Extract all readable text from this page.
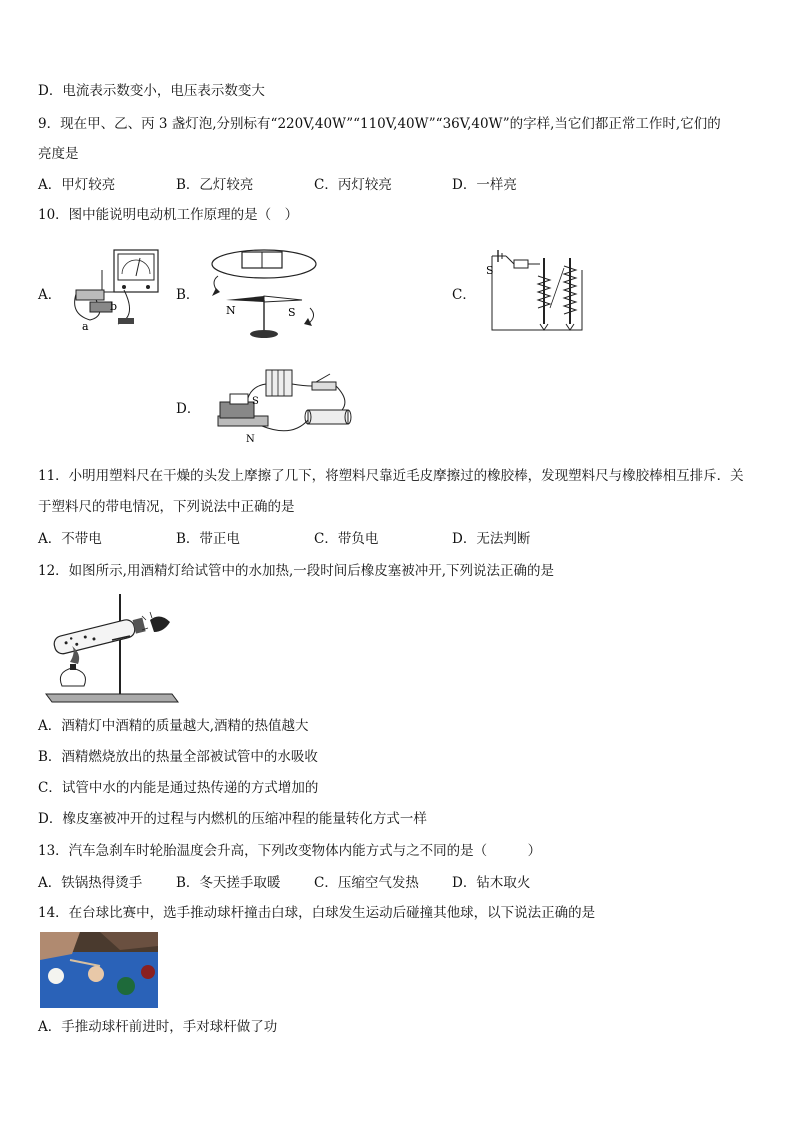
D．电流表示数变小，电压表示数变大
9．现在甲、乙、丙 3 盏灯泡,分别标有“220V,40W”“110V,40W”“36V,40W”的字样,当它们都正常工作时,它们的
亮度是
A．甲灯较亮	B．乙灯较亮	C．丙灯较亮	D．一样亮
10．图中能说明电动机工作原理的是（　）
A．	B．	C．
D．
b
a
N	S
S
S
N
11．小明用塑料尺在干燥的头发上摩擦了几下，将塑料尺靠近毛皮摩擦过的橡胶棒，发现塑料尺与橡胶棒相互排斥．关
于塑料尺的带电情况，下列说法中正确的是
A．不带电	B．带正电	C．带负电	D．无法判断
12．如图所示,用酒精灯给试管中的水加热,一段时间后橡皮塞被冲开,下列说法正确的是
A．酒精灯中酒精的质量越大,酒精的热值越大
B．酒精燃烧放出的热量全部被试管中的水吸收
C．试管中水的内能是通过热传递的方式增加的
D．橡皮塞被冲开的过程与内燃机的压缩冲程的能量转化方式一样
13．汽车急刹车时轮胎温度会升高，下列改变物体内能方式与之不同的是（　　　）
A．铁锅热得烫手	B．冬天搓手取暖 C．压缩空气发热 D．钻木取火
14．在台球比赛中，选手推动球杆撞击白球，白球发生运动后碰撞其他球，以下说法正确的是
A．手推动球杆前进时，手对球杆做了功
